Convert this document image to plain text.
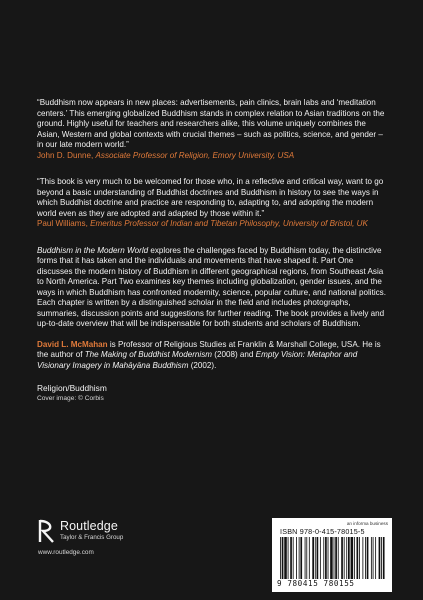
“Buddhism now appears in new places: advertisements, pain clinics, brain labs and ‘meditation centers.’ This emerging globalized Buddhism stands in complex relation to Asian traditions on the ground. Highly useful for teachers and researchers alike, this volume uniquely combines the Asian, Western and global contexts with crucial themes – such as politics, science, and gender – in our late modern world.”
John D. Dunne, Associate Professor of Religion, Emory University, USA

“This book is very much to be welcomed for those who, in a reflective and critical way, want to go beyond a basic understanding of Buddhist doctrines and Buddhism in history to see the ways in which Buddhist doctrine and practice are responding to, adapting to, and adopting the modern world even as they are adopted and adapted by those within it.”
Paul Williams, Emeritus Professor of Indian and Tibetan Philosophy, University of Bristol, UK

Buddhism in the Modern World explores the challenges faced by Buddhism today, the distinctive forms that it has taken and the individuals and movements that have shaped it. Part One discusses the modern history of Buddhism in different geographical regions, from Southeast Asia to North America. Part Two examines key themes including globalization, gender issues, and the ways in which Buddhism has confronted modernity, science, popular culture, and national politics. Each chapter is written by a distinguished scholar in the field and includes photographs, summaries, discussion points and suggestions for further reading. The book provides a lively and up-to-date overview that will be indispensable for both students and scholars of Buddhism.

David L. McMahan is Professor of Religious Studies at Franklin & Marshall College, USA. He is the author of The Making of Buddhist Modernism (2008) and Empty Vision: Metaphor and Visionary Imagery in Mahāyāna Buddhism (2002).

Religion/Buddhism

Cover image: © Corbis

Routledge
Taylor & Francis Group
www.routledge.com
an informa business
ISBN 978-0-415-78015-5
9 780415 780155
